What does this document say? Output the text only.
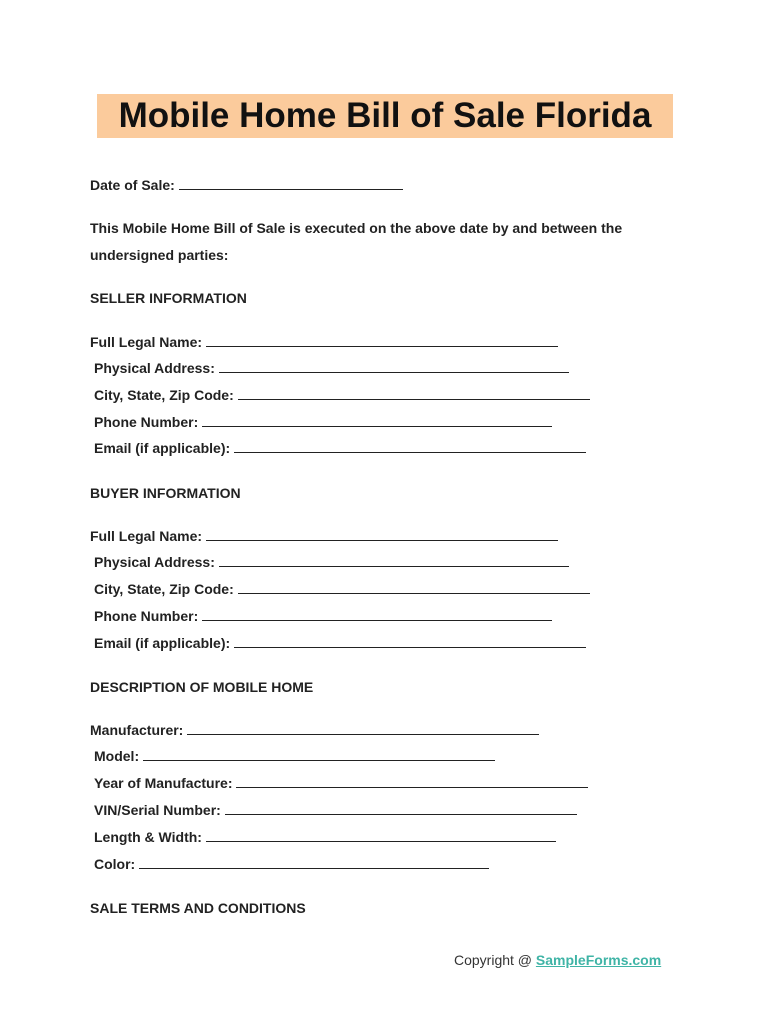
Mobile Home Bill of Sale Florida
Date of Sale:
This Mobile Home Bill of Sale is executed on the above date by and between the
undersigned parties:
SELLER INFORMATION
Full Legal Name:
Physical Address:
City, State, Zip Code:
Phone Number:
Email (if applicable):
BUYER INFORMATION
Full Legal Name:
Physical Address:
City, State, Zip Code:
Phone Number:
Email (if applicable):
DESCRIPTION OF MOBILE HOME
Manufacturer:
Model:
Year of Manufacture:
VIN/Serial Number:
Length & Width:
Color:
SALE TERMS AND CONDITIONS
Copyright @ SampleForms.com
